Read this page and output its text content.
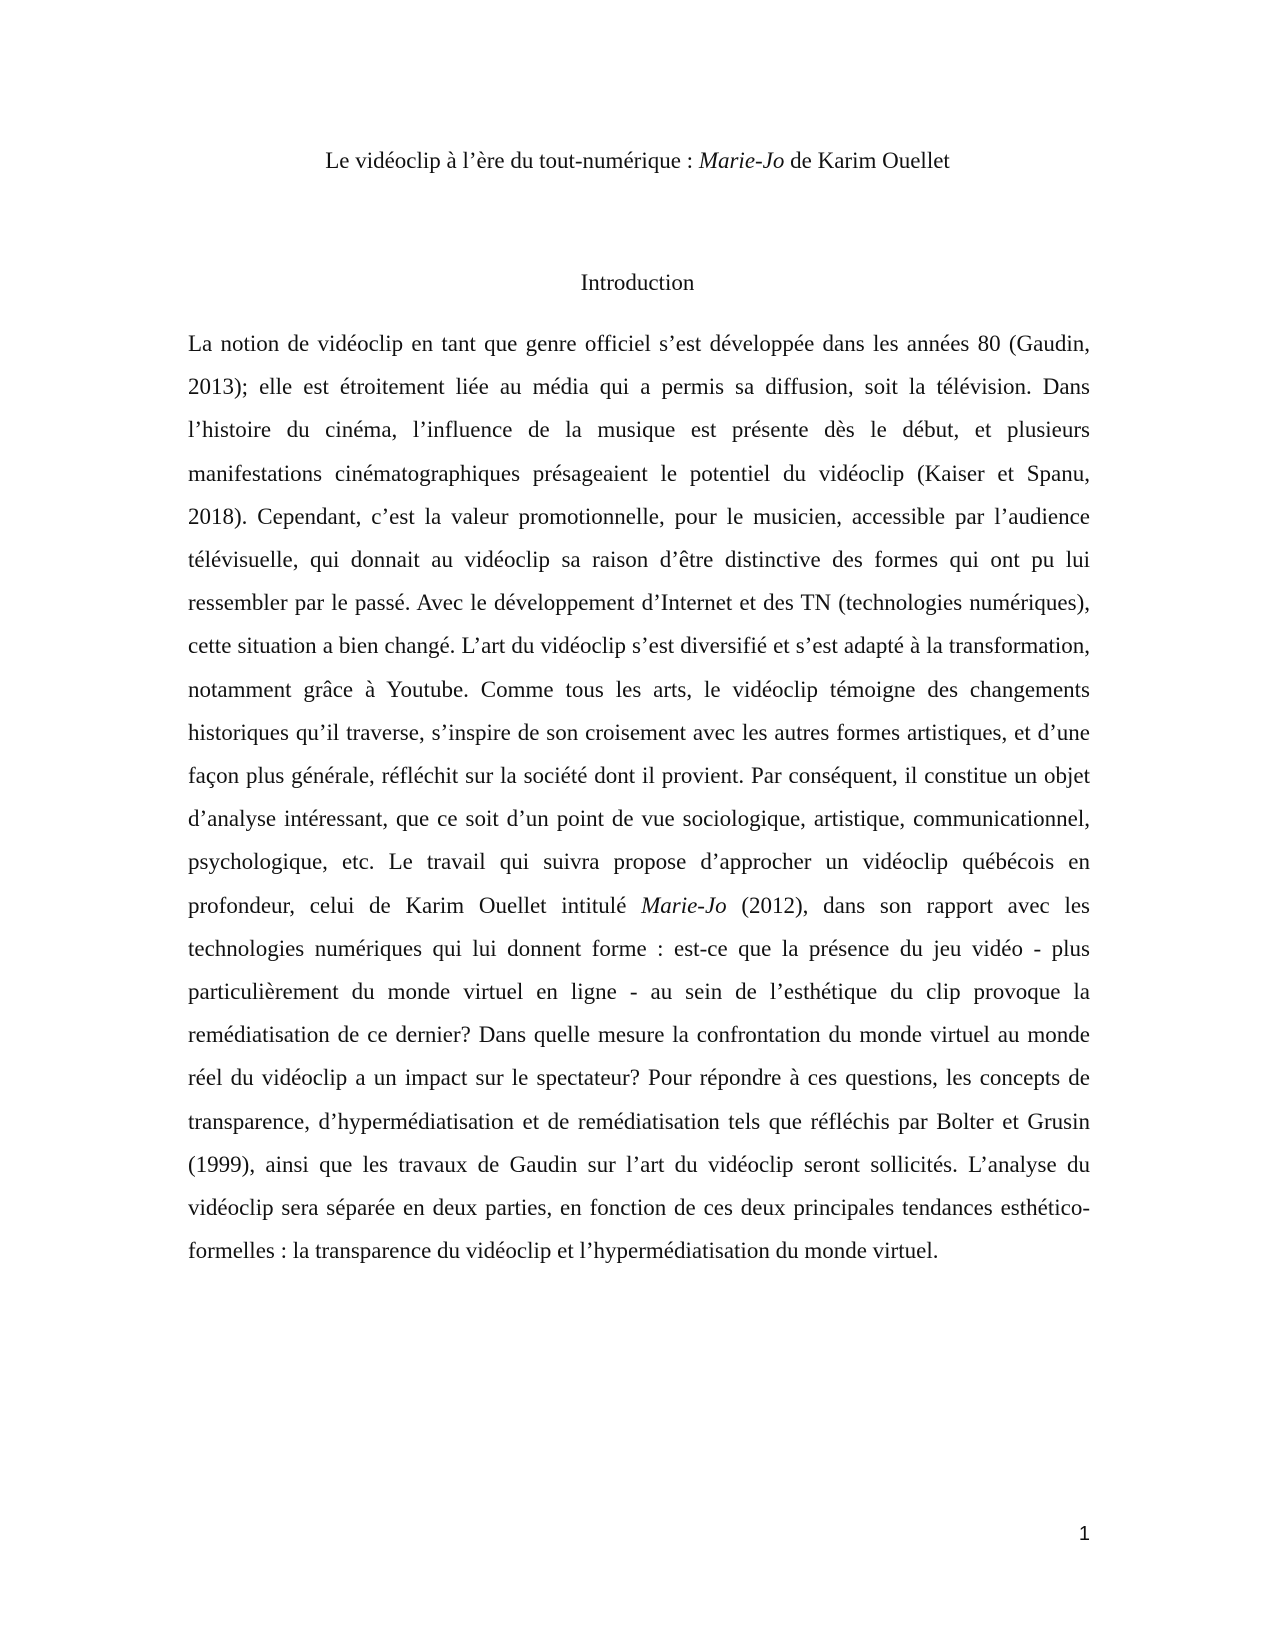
Le vidéoclip à l’ère du tout-numérique : Marie-Jo de Karim Ouellet
Introduction

La notion de vidéoclip en tant que genre officiel s’est développée dans les années 80 (Gaudin, 2013); elle est étroitement liée au média qui a permis sa diffusion, soit la télévision. Dans l’histoire du cinéma, l’influence de la musique est présente dès le début, et plusieurs manifestations cinématographiques présageaient le potentiel du vidéoclip (Kaiser et Spanu, 2018). Cependant, c’est la valeur promotionnelle, pour le musicien, accessible par l’audience télévisuelle, qui donnait au vidéoclip sa raison d’être distinctive des formes qui ont pu lui ressembler par le passé. Avec le développement d’Internet et des TN (technologies numériques), cette situation a bien changé. L’art du vidéoclip s’est diversifié et s’est adapté à la transformation, notamment grâce à Youtube. Comme tous les arts, le vidéoclip témoigne des changements historiques qu’il traverse, s’inspire de son croisement avec les autres formes artistiques, et d’une façon plus générale, réfléchit sur la société dont il provient. Par conséquent, il constitue un objet d’analyse intéressant, que ce soit d’un point de vue sociologique, artistique, communicationnel, psychologique, etc. Le travail qui suivra propose d’approcher un vidéoclip québécois en profondeur, celui de Karim Ouellet intitulé Marie-Jo (2012), dans son rapport avec les technologies numériques qui lui donnent forme : est-ce que la présence du jeu vidéo - plus particulièrement du monde virtuel en ligne - au sein de l’esthétique du clip provoque la remédiatisation de ce dernier? Dans quelle mesure la confrontation du monde virtuel au monde réel du vidéoclip a un impact sur le spectateur? Pour répondre à ces questions, les concepts de transparence, d’hypermédiatisation et de remédiatisation tels que réfléchis par Bolter et Grusin (1999), ainsi que les travaux de Gaudin sur l’art du vidéoclip seront sollicités. L’analyse du vidéoclip sera séparée en deux parties, en fonction de ces deux principales tendances esthético-formelles : la transparence du vidéoclip et l’hypermédiatisation du monde virtuel.

1
